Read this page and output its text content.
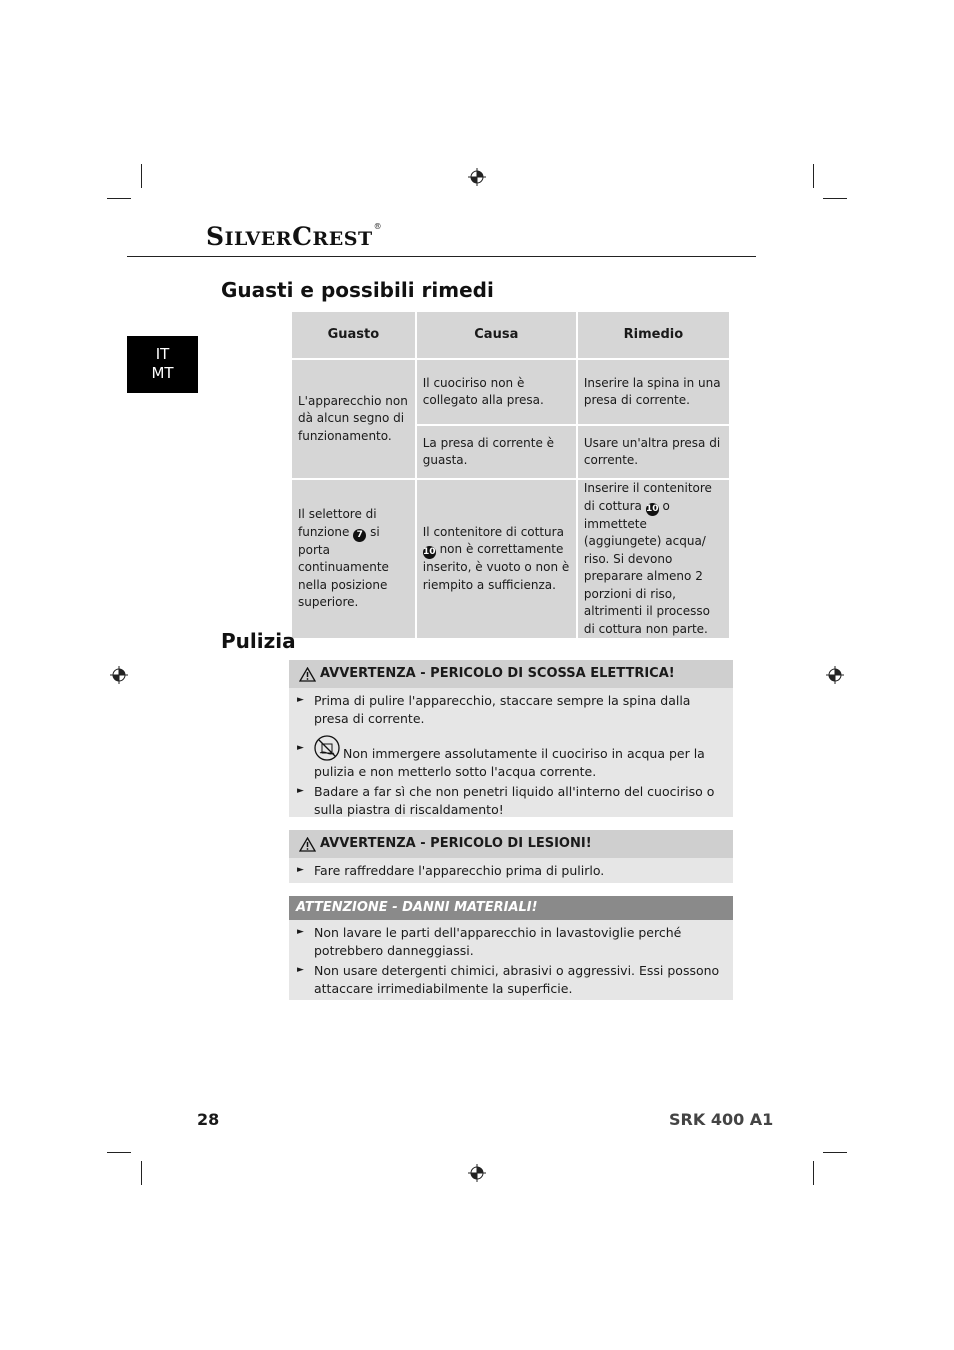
SILVERCREST®
IT
MT
Guasti e possibili rimedi
Guasto	Causa	Rimedio
L'apparecchio non dà alcun segno di funzionamento.	Il cuociriso non è collegato alla presa.	Inserire la spina in una presa di corrente.
	La presa di corrente è guasta.	Usare un'altra presa di corrente.
Il selettore di funzione 7 si porta continuamente nella posizione superiore.	Il contenitore di cottura 10 non è correttamente inserito, è vuoto o non è riempito a sufficienza.	Inserire il contenitore di cottura 10 o immettete (aggiungete) acqua/ riso. Si devono preparare almeno 2 porzioni di riso, altrimenti il processo di cottura non parte.
Pulizia
AVVERTENZA - PERICOLO DI SCOSSA ELETTRICA!
► Prima di pulire l'apparecchio, staccare sempre la spina dalla presa di corrente.
►	Non immergere assolutamente il cuociriso in acqua per la pulizia e non metterlo sotto l'acqua corrente.
► Badare a far sì che non penetri liquido all'interno del cuociriso o sulla piastra di riscaldamento!
AVVERTENZA - PERICOLO DI LESIONI!
► Fare raffreddare l'apparecchio prima di pulirlo.
ATTENZIONE - DANNI MATERIALI!
► Non lavare le parti dell'apparecchio in lavastoviglie perché potrebbero danneggiassi.
► Non usare detergenti chimici, abrasivi o aggressivi. Essi possono attaccare irrimediabilmente la superficie.
28	SRK 400 A1
